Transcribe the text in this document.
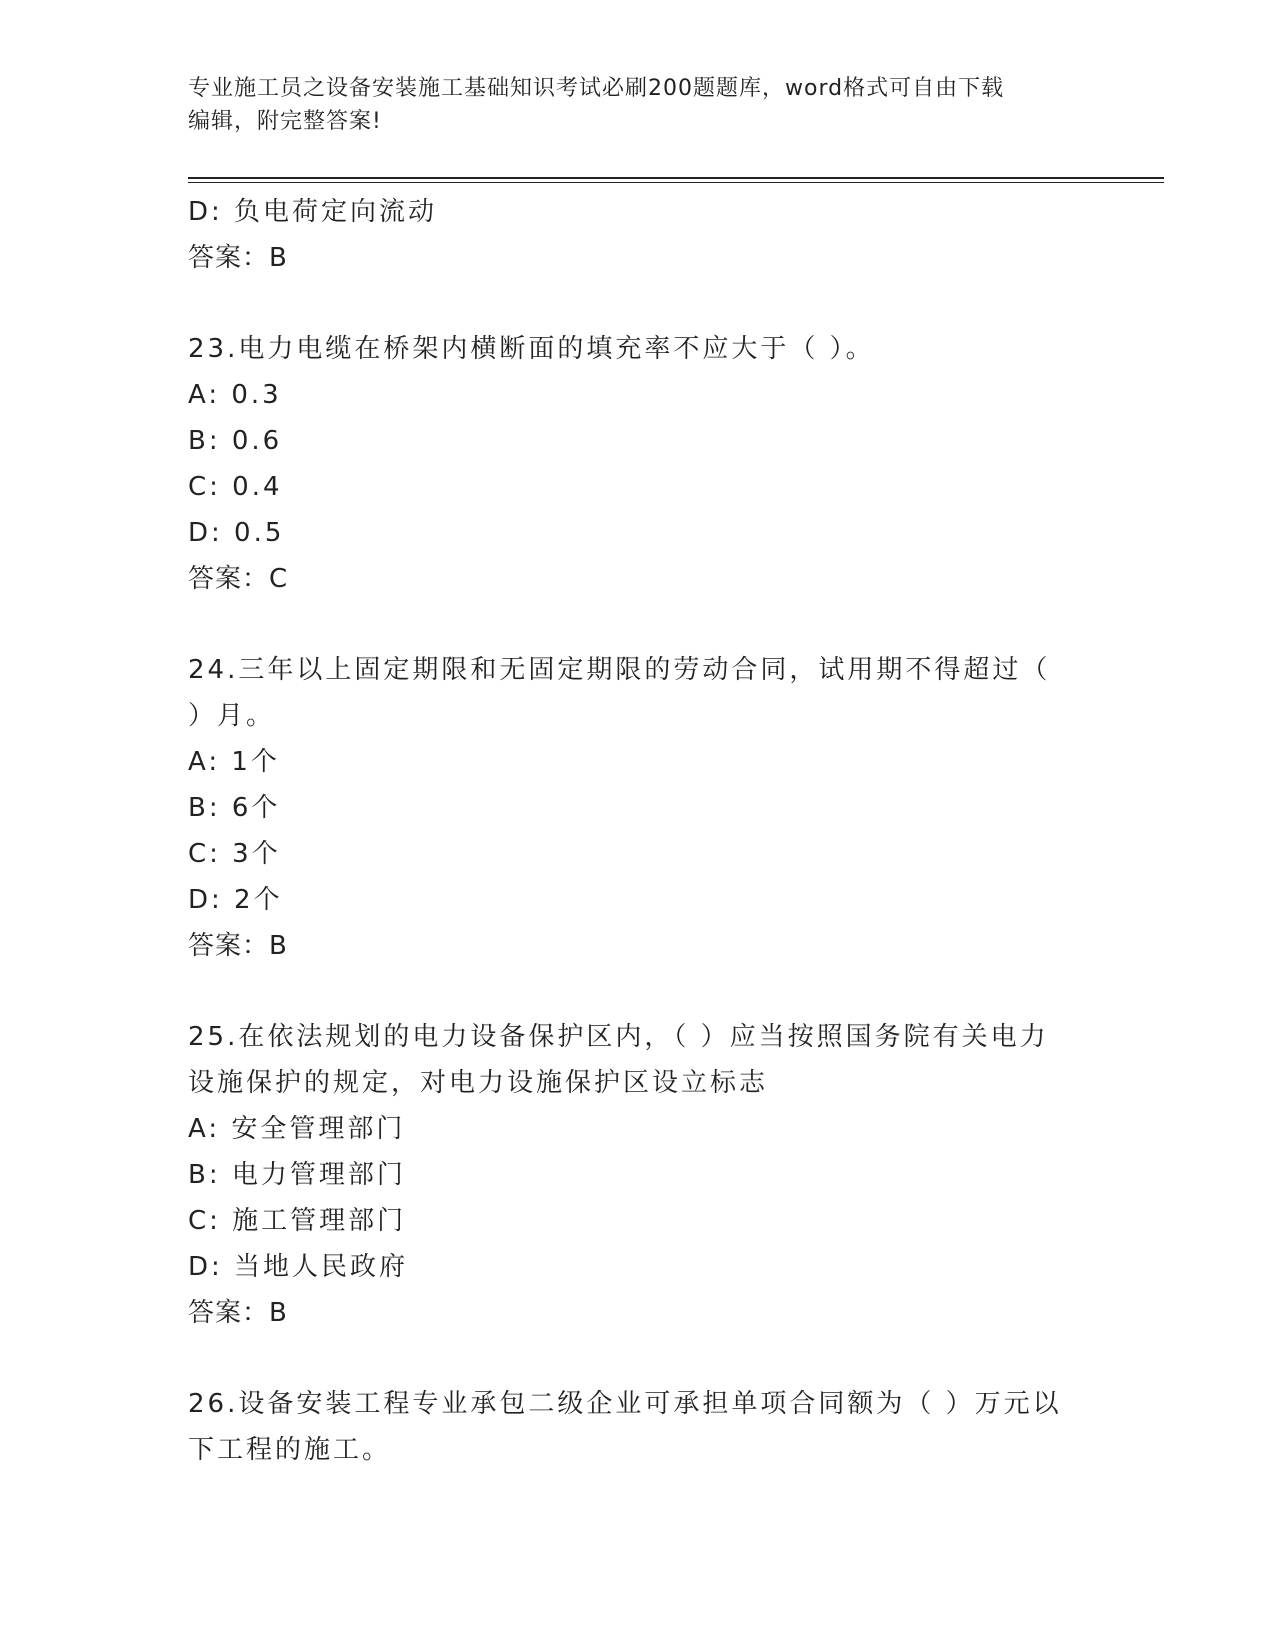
专业施工员之设备安装施工基础知识考试必刷200题题库，word格式可自由下载
编辑，附完整答案!
D: 负电荷定向流动
答案：B
23.电力电缆在桥架内横断面的填充率不应大于（ ）。
A: 0.3
B: 0.6
C: 0.4
D: 0.5
答案：C
24.三年以上固定期限和无固定期限的劳动合同，试用期不得超过（
）月。
A: 1个
B: 6个
C: 3个
D: 2个
答案：B
25.在依法规划的电力设备保护区内，（ ）应当按照国务院有关电力
设施保护的规定，对电力设施保护区设立标志
A: 安全管理部门
B: 电力管理部门
C: 施工管理部门
D: 当地人民政府
答案：B
26.设备安装工程专业承包二级企业可承担单项合同额为（ ）万元以
下工程的施工。
